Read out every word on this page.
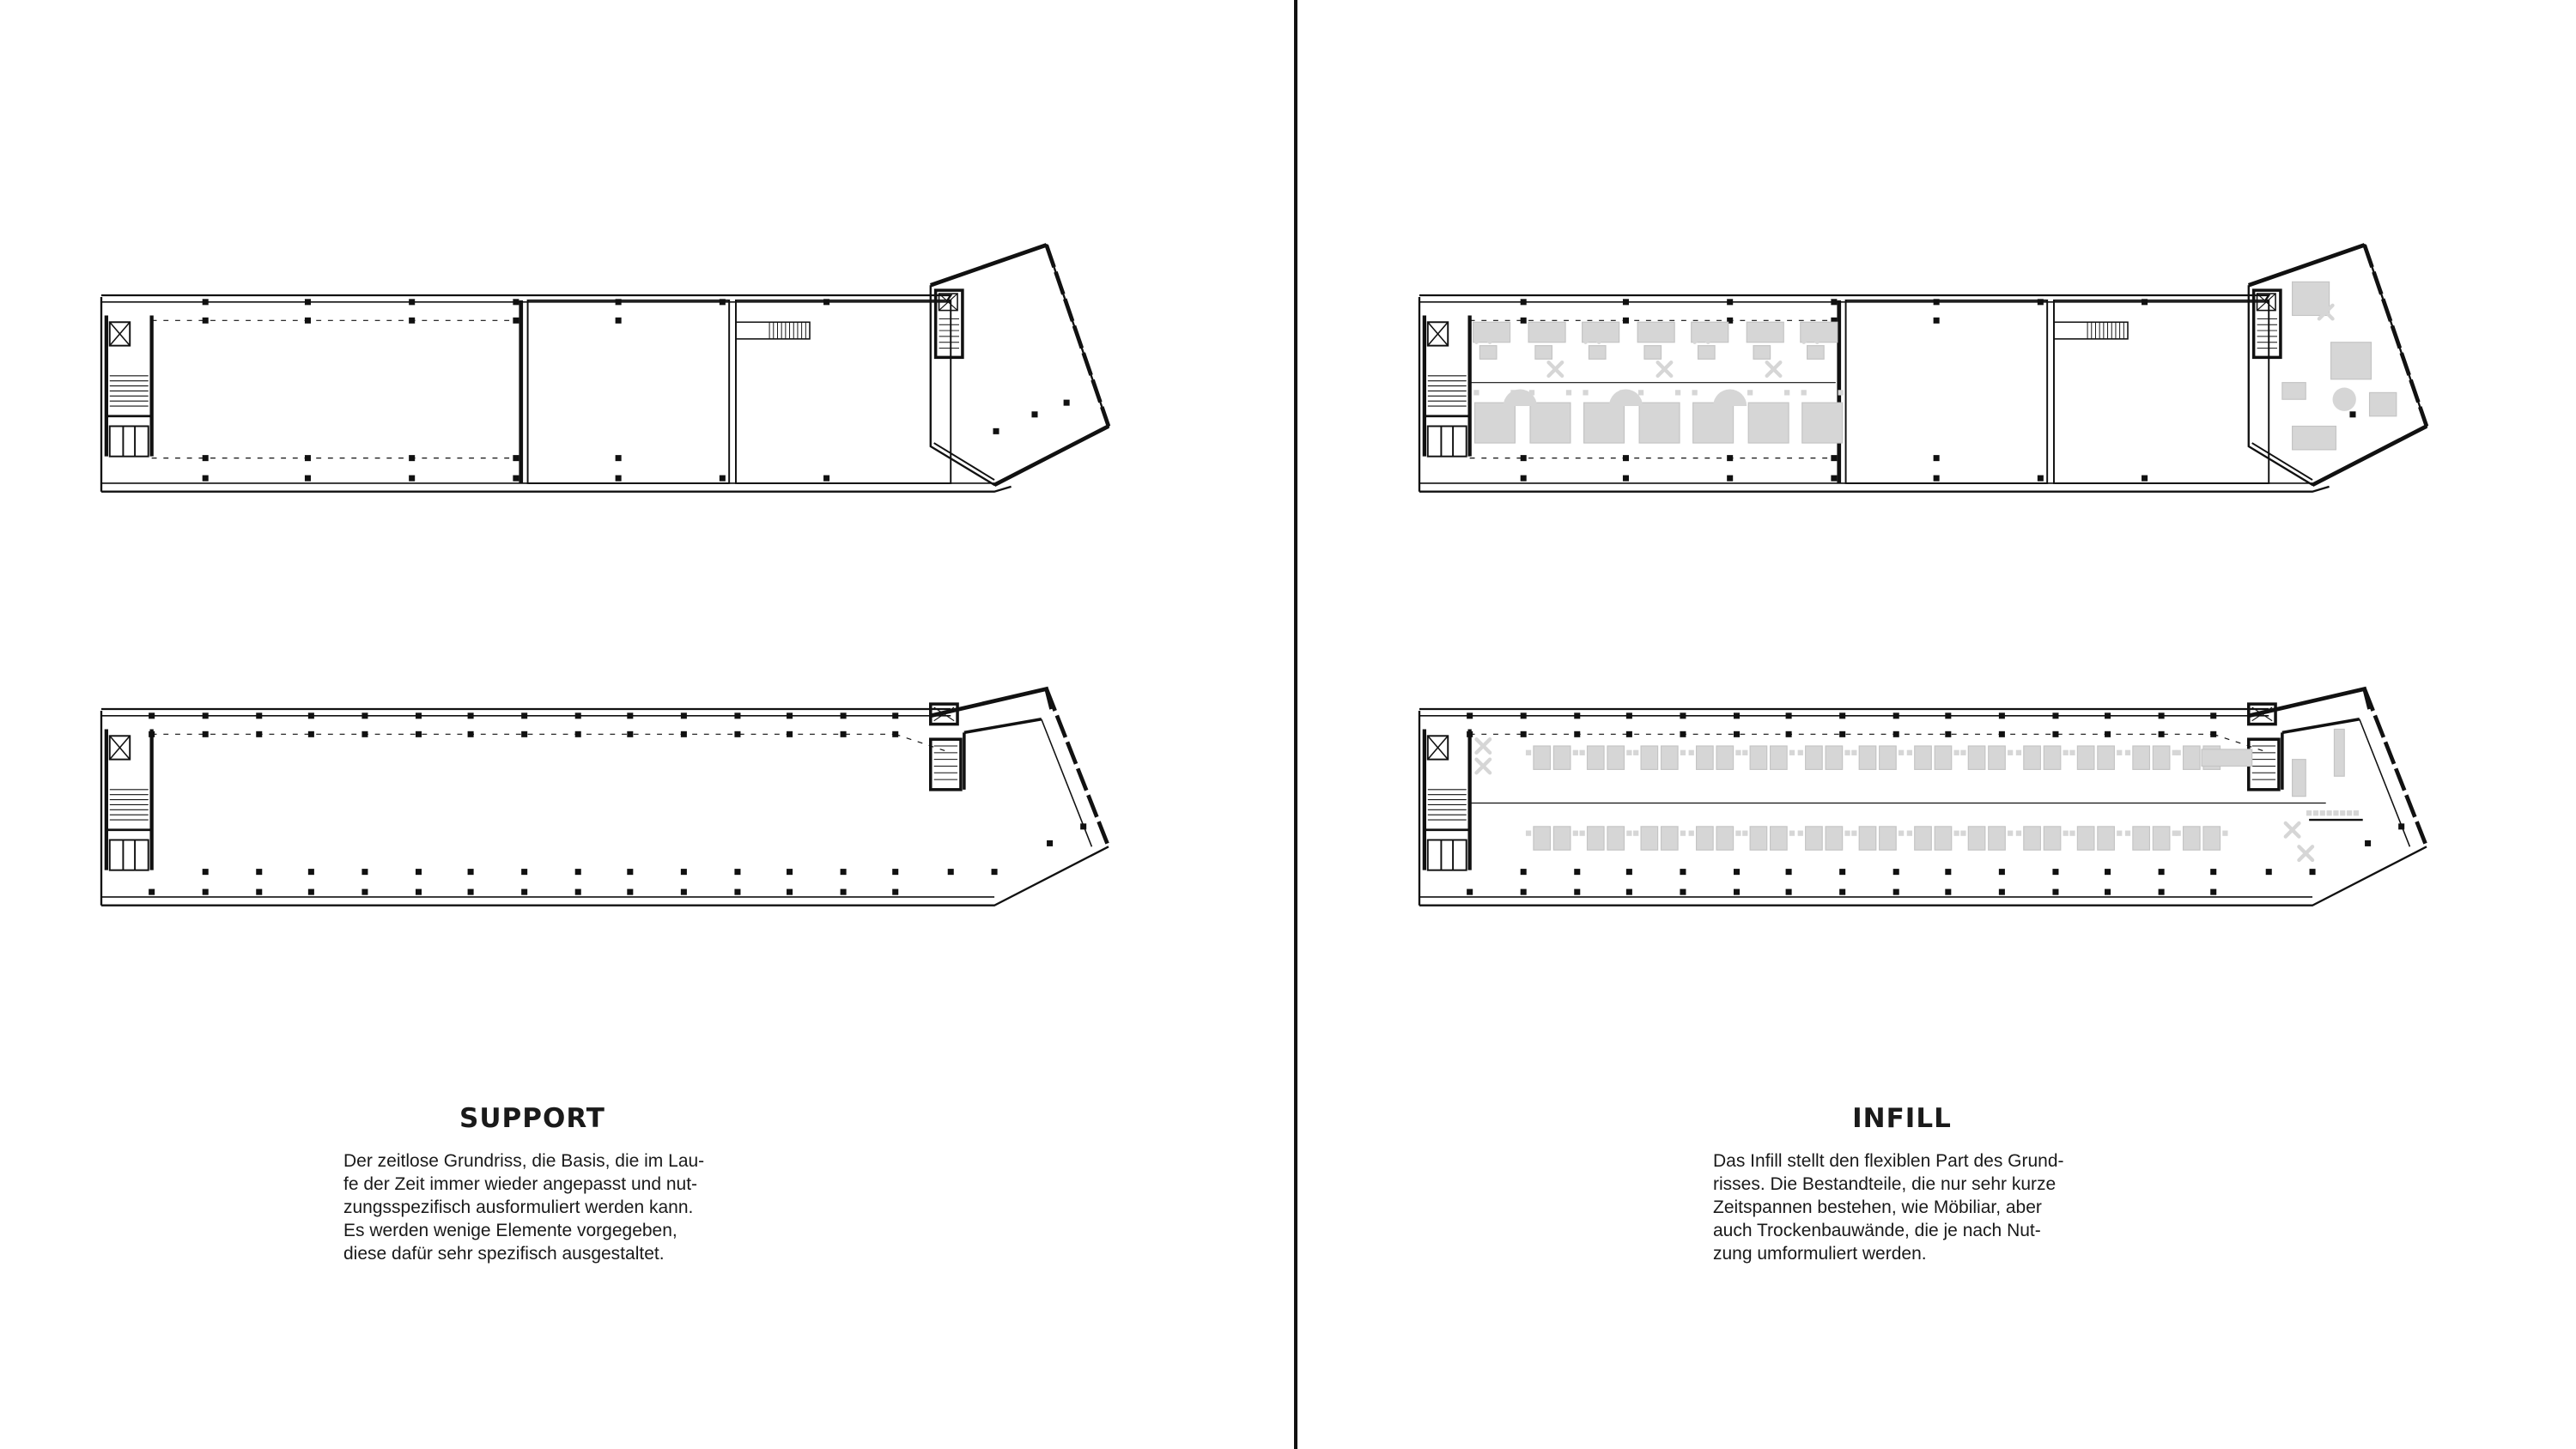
SUPPORT

Der zeitlose Grundriss, die Basis, die im Lau-

fe der Zeit immer wieder angepasst und nut-

zungsspezifisch ausformuliert werden kann.

Es werden wenige Elemente vorgegeben,

diese dafür sehr spezifisch ausgestaltet.

INFILL

Das Infill stellt den flexiblen Part des Grund-

risses. Die Bestandteile, die nur sehr kurze

Zeitspannen bestehen, wie Möbiliar, aber

auch Trockenbauwände, die je nach Nut-

zung umformuliert werden.
